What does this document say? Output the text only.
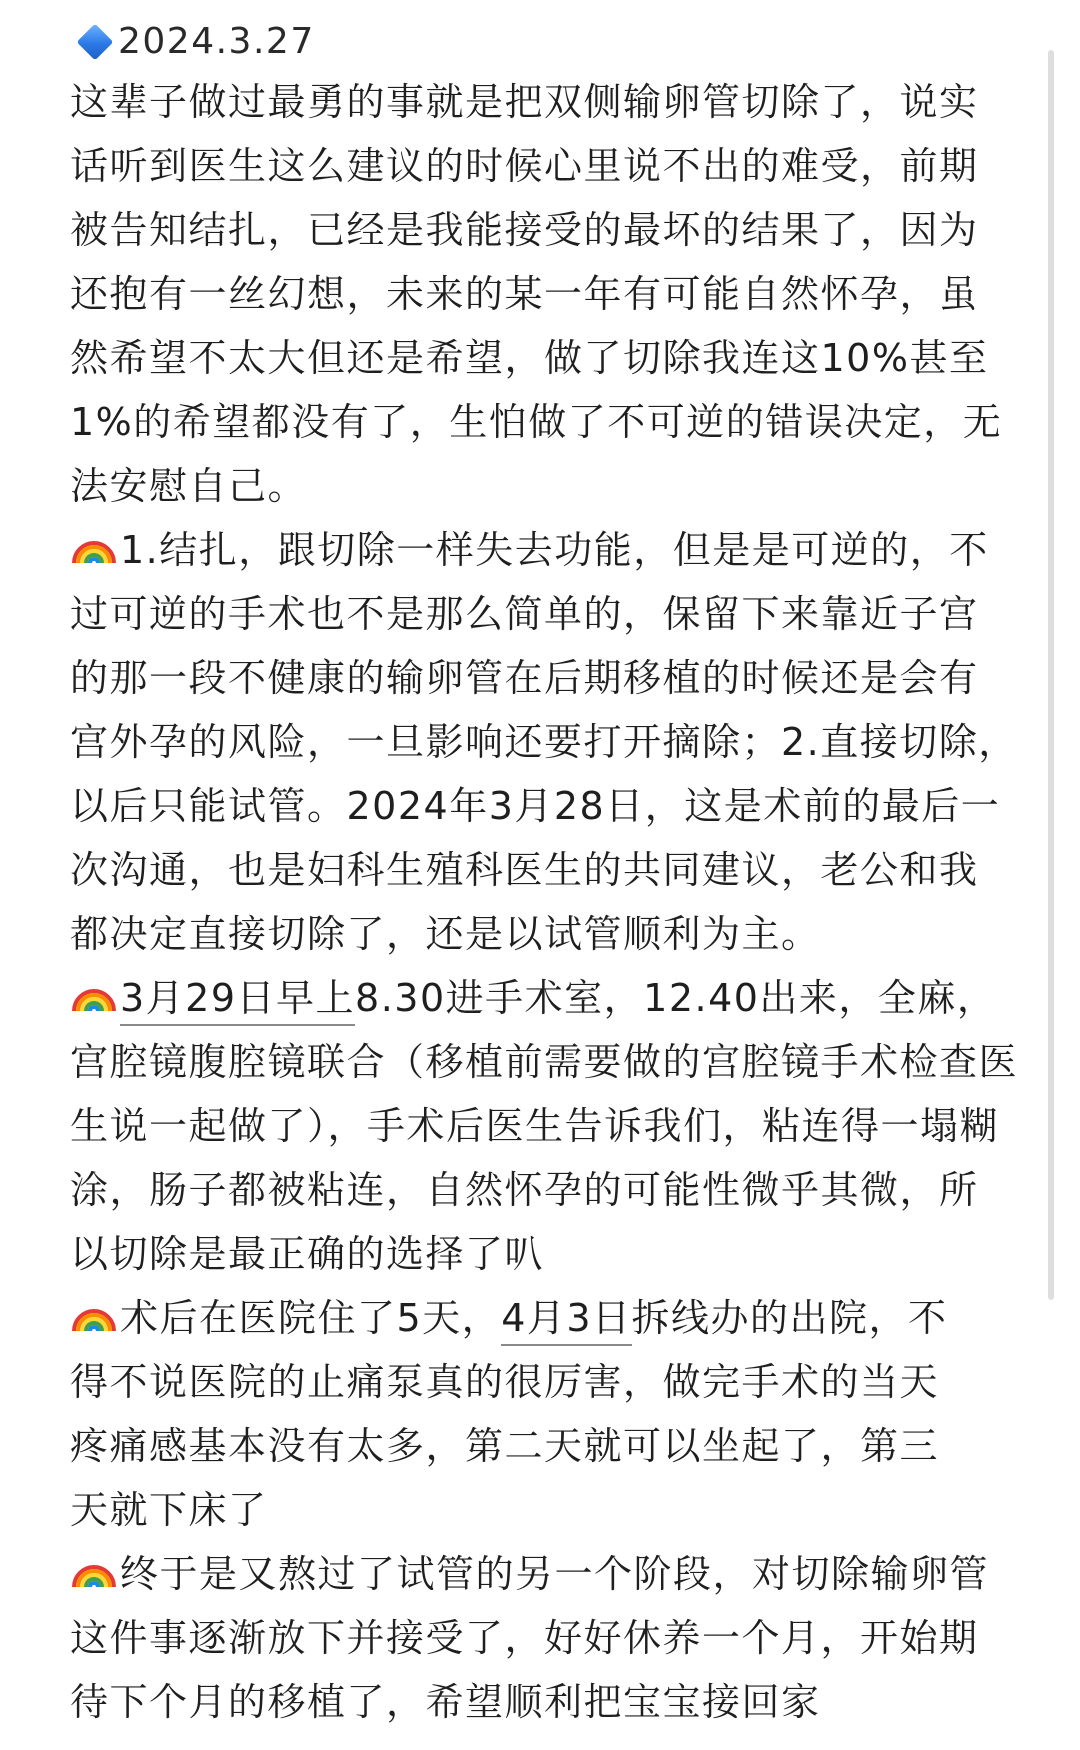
2024.3.27
这辈子做过最勇的事就是把双侧输卵管切除了，说实
话听到医生这么建议的时候心里说不出的难受，前期
被告知结扎，已经是我能接受的最坏的结果了，因为
还抱有一丝幻想，未来的某一年有可能自然怀孕，虽
然希望不太大但还是希望，做了切除我连这10%甚至
1%的希望都没有了，生怕做了不可逆的错误决定，无
法安慰自己。
1.结扎，跟切除一样失去功能，但是是可逆的，不
过可逆的手术也不是那么简单的，保留下来靠近子宫
的那一段不健康的输卵管在后期移植的时候还是会有
宫外孕的风险，一旦影响还要打开摘除；2.直接切除，
以后只能试管。2024年3月28日，这是术前的最后一
次沟通，也是妇科生殖科医生的共同建议，老公和我
都决定直接切除了，还是以试管顺利为主。
3月29日早上8.30进手术室，12.40出来，全麻，
宫腔镜腹腔镜联合（移植前需要做的宫腔镜手术检查医
生说一起做了），手术后医生告诉我们，粘连得一塌糊
涂，肠子都被粘连，自然怀孕的可能性微乎其微，所
以切除是最正确的选择了叭
术后在医院住了5天，4月3日拆线办的出院，不
得不说医院的止痛泵真的很厉害，做完手术的当天
疼痛感基本没有太多，第二天就可以坐起了，第三
天就下床了
终于是又熬过了试管的另一个阶段，对切除输卵管
这件事逐渐放下并接受了，好好休养一个月，开始期
待下个月的移植了，希望顺利把宝宝接回家
